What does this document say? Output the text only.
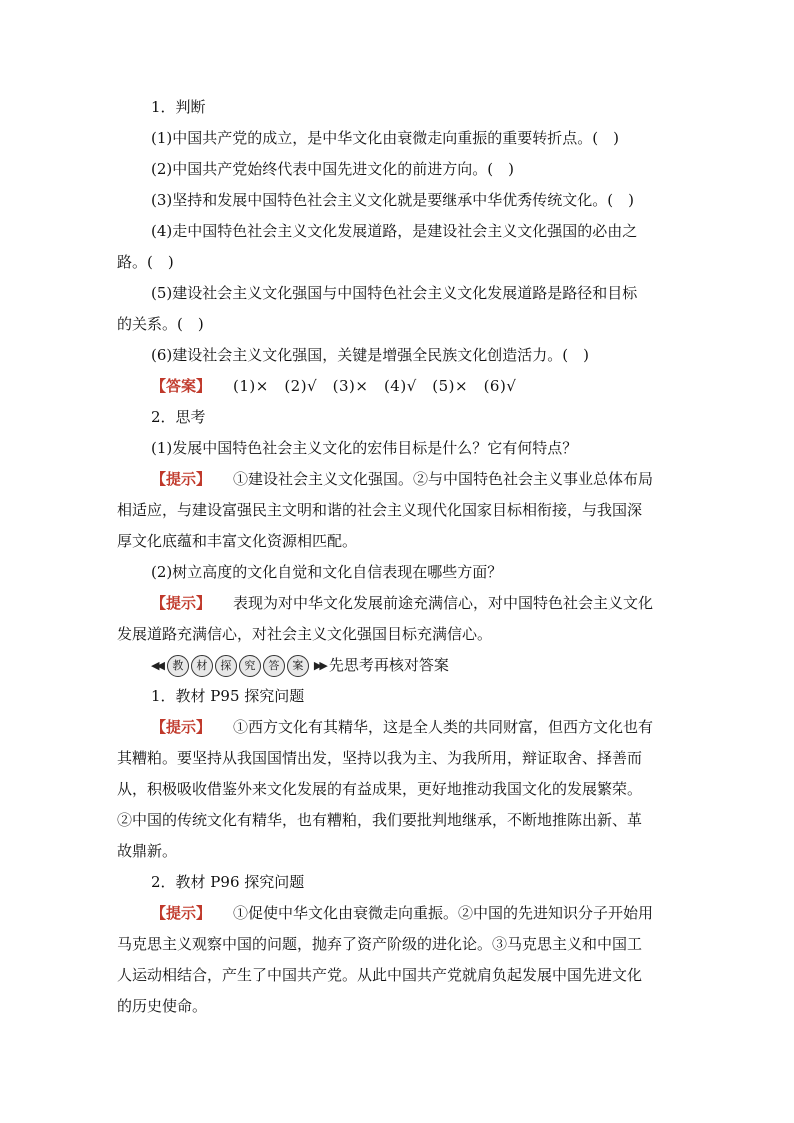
1．判断
(1)中国共产党的成立，是中华文化由衰微走向重振的重要转折点。(　)
(2)中国共产党始终代表中国先进文化的前进方向。(　)
(3)坚持和发展中国特色社会主义文化就是要继承中华优秀传统文化。(　)
(4)走中国特色社会主义文化发展道路，是建设社会主义文化强国的必由之
路。(　)
(5)建设社会主义文化强国与中国特色社会主义文化发展道路是路径和目标
的关系。(　)
(6)建设社会主义文化强国，关键是增强全民族文化创造活力。(　)
【答案】 (1)×　(2)√　(3)×　(4)√　(5)×　(6)√
2．思考
(1)发展中国特色社会主义文化的宏伟目标是什么？它有何特点？
【提示】 ①建设社会主义文化强国。②与中国特色社会主义事业总体布局
相适应，与建设富强民主文明和谐的社会主义现代化国家目标相衔接，与我国深
厚文化底蕴和丰富文化资源相匹配。
(2)树立高度的文化自觉和文化自信表现在哪些方面？
【提示】 表现为对中华文化发展前途充满信心，对中国特色社会主义文化
发展道路充满信心，对社会主义文化强国目标充满信心。
◀◀ 教	材	探	究	答	案 ▶▶ 先思考再核对答案
1．教材 P95 探究问题
【提示】 ①西方文化有其精华，这是全人类的共同财富，但西方文化也有
其糟粕。要坚持从我国国情出发，坚持以我为主、为我所用，辩证取舍、择善而
从，积极吸收借鉴外来文化发展的有益成果，更好地推动我国文化的发展繁荣。
②中国的传统文化有精华，也有糟粕，我们要批判地继承，不断地推陈出新、革
故鼎新。
2．教材 P96 探究问题
【提示】 ①促使中华文化由衰微走向重振。②中国的先进知识分子开始用
马克思主义观察中国的问题，抛弃了资产阶级的进化论。③马克思主义和中国工
人运动相结合，产生了中国共产党。从此中国共产党就肩负起发展中国先进文化
的历史使命。
